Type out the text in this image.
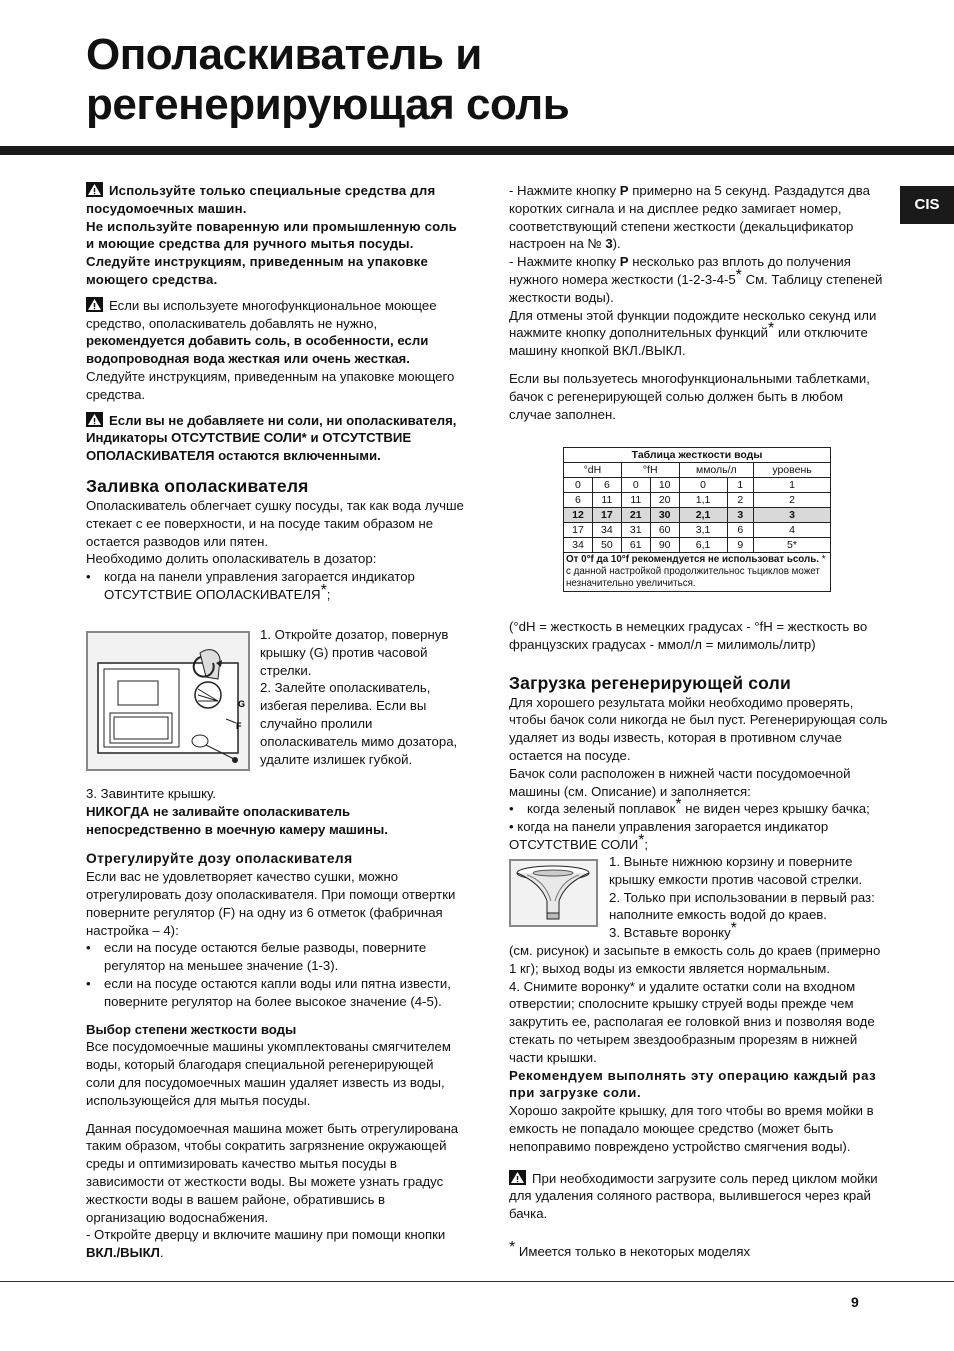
Ополаскиватель и
регенерирующая соль
CIS

Используйте только специальные средства для посудомоечных машин.
Не используйте поваренную или промышленную соль и моющие средства для ручного мытья посуды. Следуйте инструкциям, приведенным на упаковке моющего средства.

Если вы используете многофункциональное моющее средство, ополаскиватель добавлять не нужно, рекомендуется добавить соль, в особенности, если водопроводная вода жесткая или очень жесткая. Следуйте инструкциям, приведенным на упаковке моющего средства.

Если вы не добавляете ни соли, ни ополаскивателя, Индикаторы ОТСУТСТВИЕ СОЛИ* и ОТСУТСТВИЕ ОПОЛАСКИВАТЕЛЯ остаются включенными.

Заливка ополаскивателя

Ополаскиватель облегчает сушку посуды, так как вода лучше стекает с ее поверхности, и на посуде таким образом не остается разводов или пятен.

Необходимо долить ополаскиватель в дозатор:

• когда на панели управления загорается индикатор ОТСУТСТВИЕ ОПОЛАСКИВАТЕЛЯ*;

F
G

1. Откройте дозатор, повернув крышку (G) против часовой стрелки.

2. Залейте ополаскиватель, избегая перелива. Если вы случайно пролили ополаскиватель мимо дозатора, удалите излишек губкой.

3. Завинтите крышку.

НИКОГДА не заливайте ополаскиватель непосредственно в моечную камеру машины.

Отрегулируйте дозу ополаскивателя

Если вас не удовлетворяет качество сушки, можно отрегулировать дозу ополаскивателя. При помощи отвертки поверните регулятор (F) на одну из 6 отметок (фабричная настройка – 4):

• если на посуде остаются белые разводы, поверните регулятор на меньшее значение (1-3).

• если на посуде остаются капли воды или пятна извести, поверните регулятор на более высокое значение (4-5).

Выбор степени жесткости воды

Все посудомоечные машины укомплектованы смягчителем воды, который благодаря специальной регенерирующей соли для посудомоечных машин удаляет известь из воды, использующейся для мытья посуды.

Данная посудомоечная машина может быть отрегулирована таким образом, чтобы сократить загрязнение окружающей среды и оптимизировать качество мытья посуды в зависимости от жесткости воды. Вы можете узнать градус жесткости воды в вашем районе, обратившись в организацию водоснабжения.

- Откройте дверцу и включите машину при помощи кнопки ВКЛ./ВЫКЛ.

- Нажмите кнопку P примерно на 5 секунд. Раздадутся два коротких сигнала и на дисплее редко замигает номер, соответствующий степени жесткости (декальцификатор настроен на № 3).

- Нажмите кнопку P несколько раз вплоть до получения нужного номера жесткости (1-2-3-4-5* См. Таблицу степеней жесткости воды).

Для отмены этой функции подождите несколько секунд или нажмите кнопку дополнительных функций* или отключите машину кнопкой ВКЛ./ВЫКЛ.

Если вы пользуетесь многофункциональными таблетками, бачок с регенерирующей солью должен быть в любом случае заполнен.

Таблица жесткости воды						
°dH		°fH		ммоль/л		уровень
0	6	0	10	0	1	1
6	11	11	20	1,1	2	2
12	17	21	30	2,1	3	3
17	34	31	60	3,1	6	4
34	50	61	90	6,1	9	5*
От 0°f да 10°f рекомендуется не использоват ьсоль. * с данной настройкой продолжительнос тьциклов может незначительно увеличиться.						

(°dH = жесткость в немецких градусах - °fH = жесткость во французских градусах - ммол/л = милимоль/литр)

Загрузка регенерирующей соли

Для хорошего результата мойки необходимо проверять, чтобы бачок соли никогда не был пуст. Регенерирующая соль удаляет из воды известь, которая в противном случае остается на посуде.

Бачок соли расположен в нижней части посудомоечной машины (см. Описание) и заполняется:

• когда зеленый поплавок* не виден через крышку бачка;

• когда на панели управления загорается индикатор ОТСУТСТВИЕ СОЛИ*;

1. Выньте нижнюю корзину и поверните крышку емкости против часовой стрелки.

2. Только при использовании в первый раз: наполните емкость водой до краев.

3. Вставьте воронку*

(см. рисунок) и засыпьте в емкость соль до краев (примерно 1 кг); выход воды из емкости является нормальным.

4. Снимите воронку* и удалите остатки соли на входном отверстии; сполосните крышку струей воды прежде чем закрутить ее, располагая ее головкой вниз и позволяя воде стекать по четырем звездообразным прорезям в нижней части крышки.

Рекомендуем выполнять эту операцию каждый раз при загрузке соли.

Хорошо закройте крышку, для того чтобы во время мойки в емкость не попадало моющее средство (может быть непоправимо повреждено устройство смягчения воды).

При необходимости загрузите соль перед циклом мойки для удаления соляного раствора, вылившегося через край бачка.

* Имеется только в некоторых моделях

9
